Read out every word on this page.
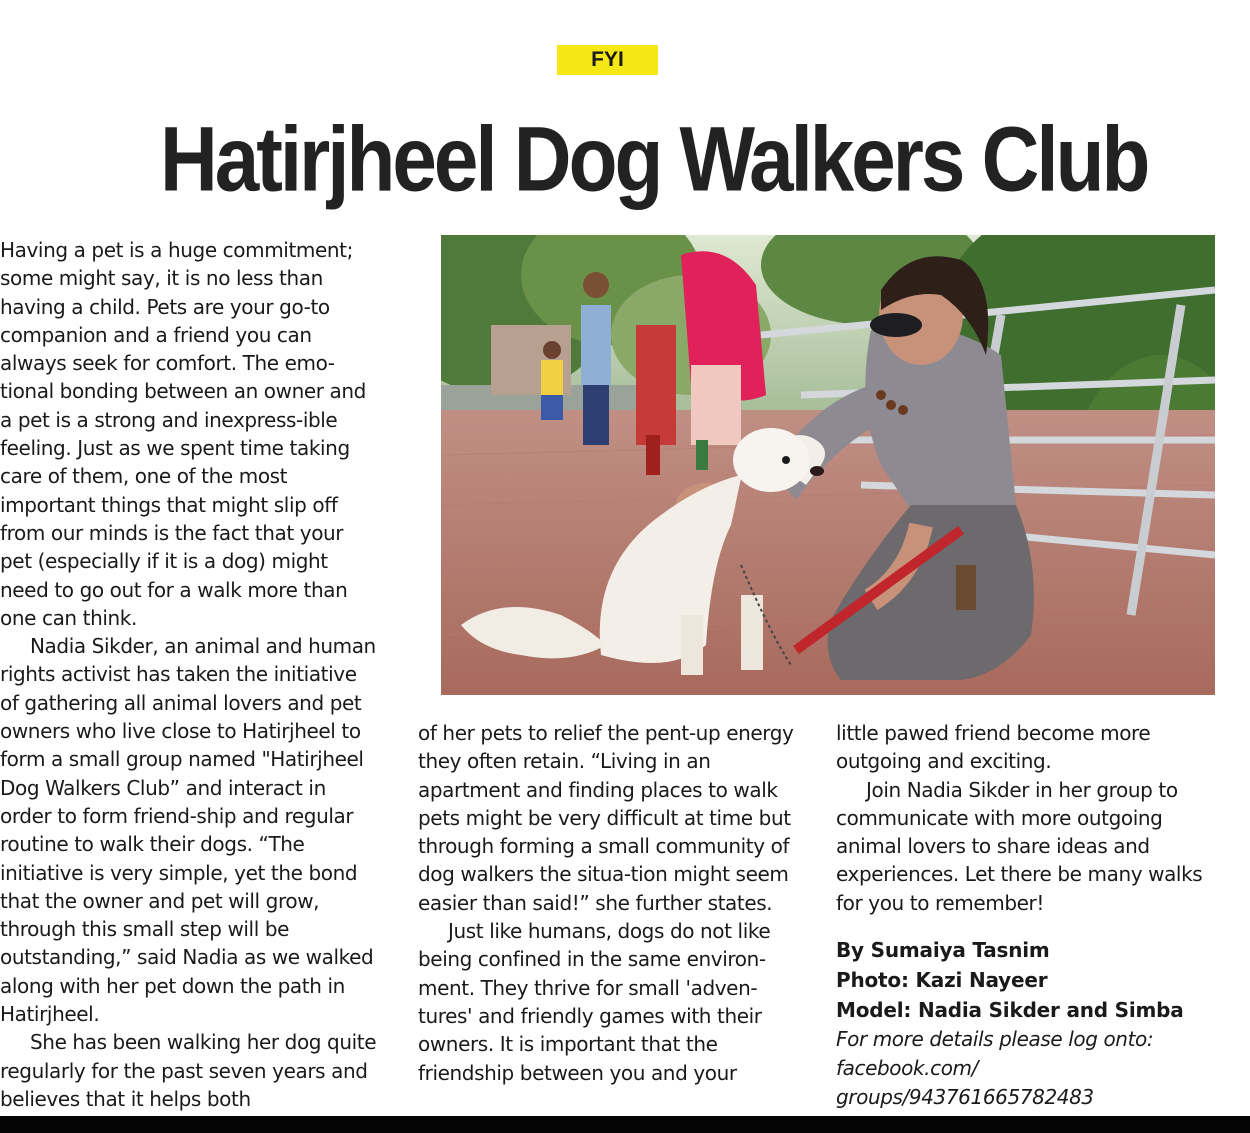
FYI
Hatirjheel Dog Walkers Club

Having a pet is a huge commitment; some might say, it is no less than having a child. Pets are your go-to companion and a friend you can always seek for comfort. The emo-tional bonding between an owner and a pet is a strong and inexpress-ible feeling. Just as we spent time taking care of them, one of the most important things that might slip off from our minds is the fact that your pet (especially if it is a dog) might need to go out for a walk more than one can think.

Nadia Sikder, an animal and human rights activist has taken the initiative of gathering all animal lovers and pet owners who live close to Hatirjheel to form a small group named "Hatirjheel Dog Walkers Club” and interact in order to form friend-ship and regular routine to walk their dogs. “The initiative is very simple, yet the bond that the owner and pet will grow, through this small step will be outstanding,” said Nadia as we walked along with her pet down the path in Hatirjheel.

She has been walking her dog quite regularly for the past seven years and believes that it helps both

of her pets to relief the pent-up energy they often retain. “Living in an apartment and finding places to walk pets might be very difficult at time but through forming a small community of dog walkers the situa-tion might seem easier than said!” she further states.

Just like humans, dogs do not like being confined in the same environ-ment. They thrive for small 'adven-tures' and friendly games with their owners. It is important that the friendship between you and your

little pawed friend become more outgoing and exciting.

Join Nadia Sikder in her group to communicate with more outgoing animal lovers to share ideas and experiences. Let there be many walks for you to remember!

By Sumaiya Tasnim
Photo: Kazi Nayeer
Model: Nadia Sikder and Simba

For more details please log onto:
facebook.com/
groups/943761665782483
